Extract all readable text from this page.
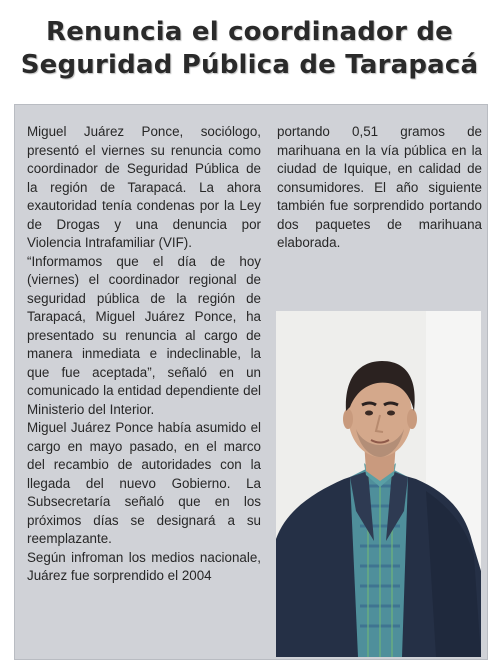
Renuncia el coordinador de
Seguridad Pública de Tarapacá

Miguel Juárez Ponce, sociólogo, presentó el viernes su renuncia como coordinador de Seguridad Pública de la región de Tarapacá. La ahora exautoridad tenía condenas por la Ley de Drogas y una denuncia por Violencia Intrafamiliar (VIF).

“Informamos que el día de hoy (viernes) el coordinador regional de seguridad pública de la región de Tarapacá, Miguel Juárez Ponce, ha presentado su renuncia al cargo de manera inmediata e indeclinable, la que fue aceptada”, señaló en un comunicado la entidad dependiente del Ministerio del Interior.

Miguel Juárez Ponce había asumido el cargo en mayo pasado, en el marco del recambio de autoridades con la llegada del nuevo Gobierno. La Subsecretaría señaló que en los próximos días se designará a su reemplazante.

Según infroman los medios nacionale, Juárez fue sorprendido el 2004

portando 0,51 gramos de marihuana en la vía pública en la ciudad de Iquique, en calidad de consumidores. El año siguiente también fue sorprendido portando dos paquetes de marihuana elaborada.
